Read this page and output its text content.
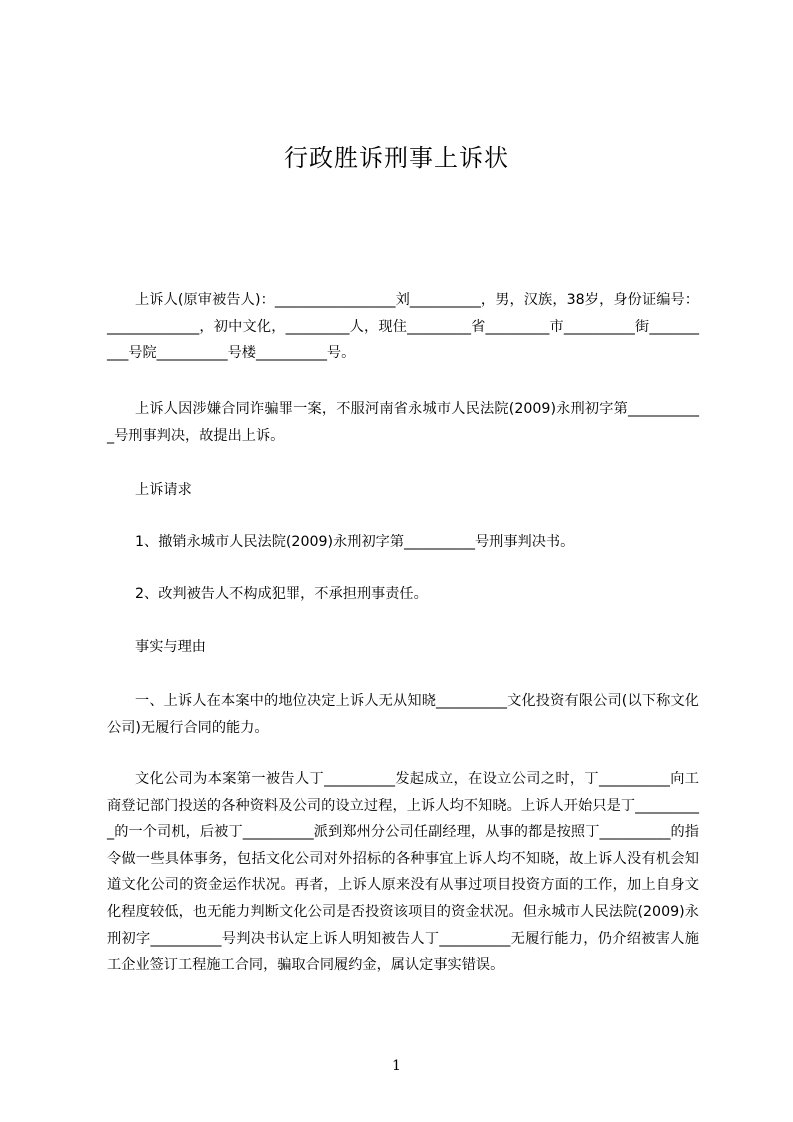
行政胜诉刑事上诉状

上诉人(原审被告人)：_________________刘__________，男，汉族，38岁，身份证编号：_____________，初中文化，_________人，现住_________省_________市__________街__________号院__________号楼__________号。

上诉人因涉嫌合同诈骗罪一案，不服河南省永城市人民法院(2009)永刑初字第___________号刑事判决，故提出上诉。

上诉请求

1、撤销永城市人民法院(2009)永刑初字第__________号刑事判决书。

2、改判被告人不构成犯罪，不承担刑事责任。

事实与理由

一、上诉人在本案中的地位决定上诉人无从知晓__________文化投资有限公司(以下称文化公司)无履行合同的能力。

文化公司为本案第一被告人丁__________发起成立，在设立公司之时，丁__________向工商登记部门投送的各种资料及公司的设立过程，上诉人均不知晓。上诉人开始只是丁__________的一个司机，后被丁__________派到郑州分公司任副经理，从事的都是按照丁__________的指令做一些具体事务，包括文化公司对外招标的各种事宜上诉人均不知晓，故上诉人没有机会知道文化公司的资金运作状况。再者，上诉人原来没有从事过项目投资方面的工作，加上自身文化程度较低，也无能力判断文化公司是否投资该项目的资金状况。但永城市人民法院(2009)永刑初字__________号判决书认定上诉人明知被告人丁__________无履行能力，仍介绍被害人施工企业签订工程施工合同，骗取合同履约金，属认定事实错误。

1
